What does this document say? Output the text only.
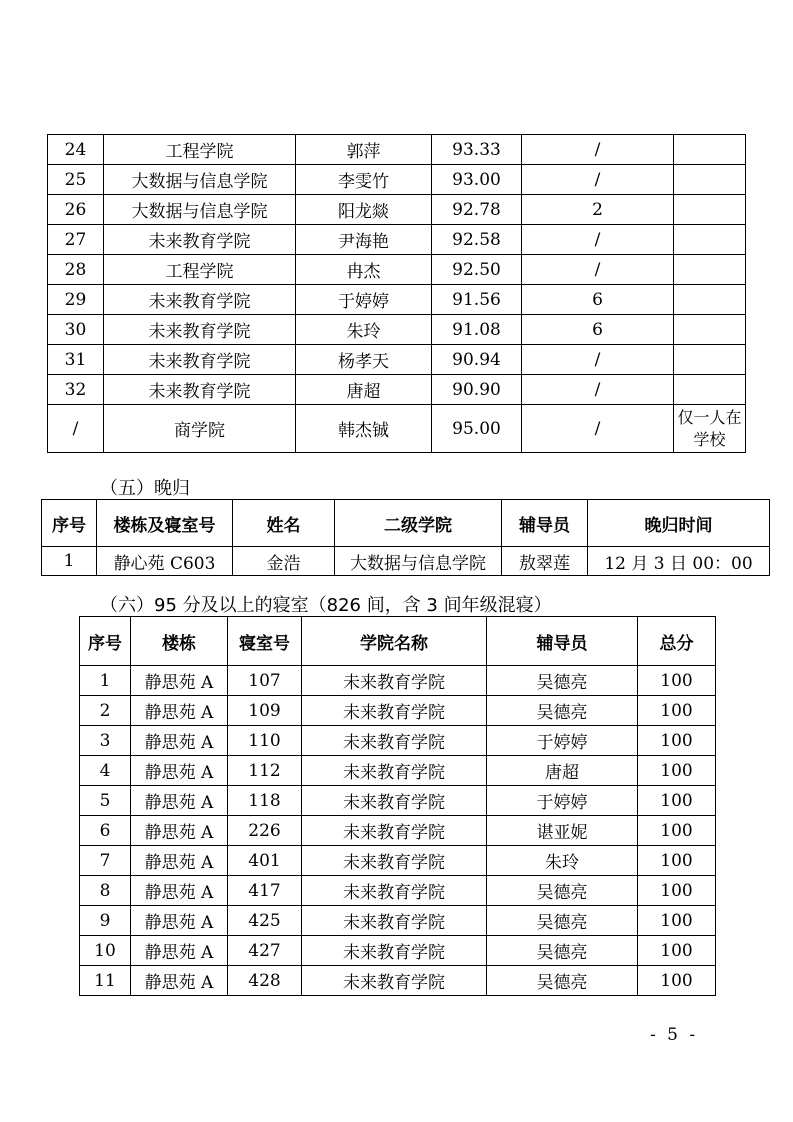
24	工程学院	郭萍	93.33	/	
25	大数据与信息学院	李雯竹	93.00	/	
26	大数据与信息学院	阳龙燚	92.78	2	
27	未来教育学院	尹海艳	92.58	/	
28	工程学院	冉杰	92.50	/	
29	未来教育学院	于婷婷	91.56	6	
30	未来教育学院	朱玲	91.08	6	
31	未来教育学院	杨孝天	90.94	/	
32	未来教育学院	唐超	90.90	/	
/	商学院	韩杰铖	95.00	/	仅一人在学校
（五）晚归
序号	楼栋及寝室号	姓名	二级学院	辅导员	晚归时间
1	静心苑 C603	金浩	大数据与信息学院	敖翠莲	12 月 3 日 00：00
（六）95 分及以上的寝室（826 间，含 3 间年级混寝）
序号	楼栋	寝室号	学院名称	辅导员	总分
1	静思苑 A	107	未来教育学院	吴德亮	100
2	静思苑 A	109	未来教育学院	吴德亮	100
3	静思苑 A	110	未来教育学院	于婷婷	100
4	静思苑 A	112	未来教育学院	唐超	100
5	静思苑 A	118	未来教育学院	于婷婷	100
6	静思苑 A	226	未来教育学院	谌亚妮	100
7	静思苑 A	401	未来教育学院	朱玲	100
8	静思苑 A	417	未来教育学院	吴德亮	100
9	静思苑 A	425	未来教育学院	吴德亮	100
10	静思苑 A	427	未来教育学院	吴德亮	100
11	静思苑 A	428	未来教育学院	吴德亮	100
- 5 -
